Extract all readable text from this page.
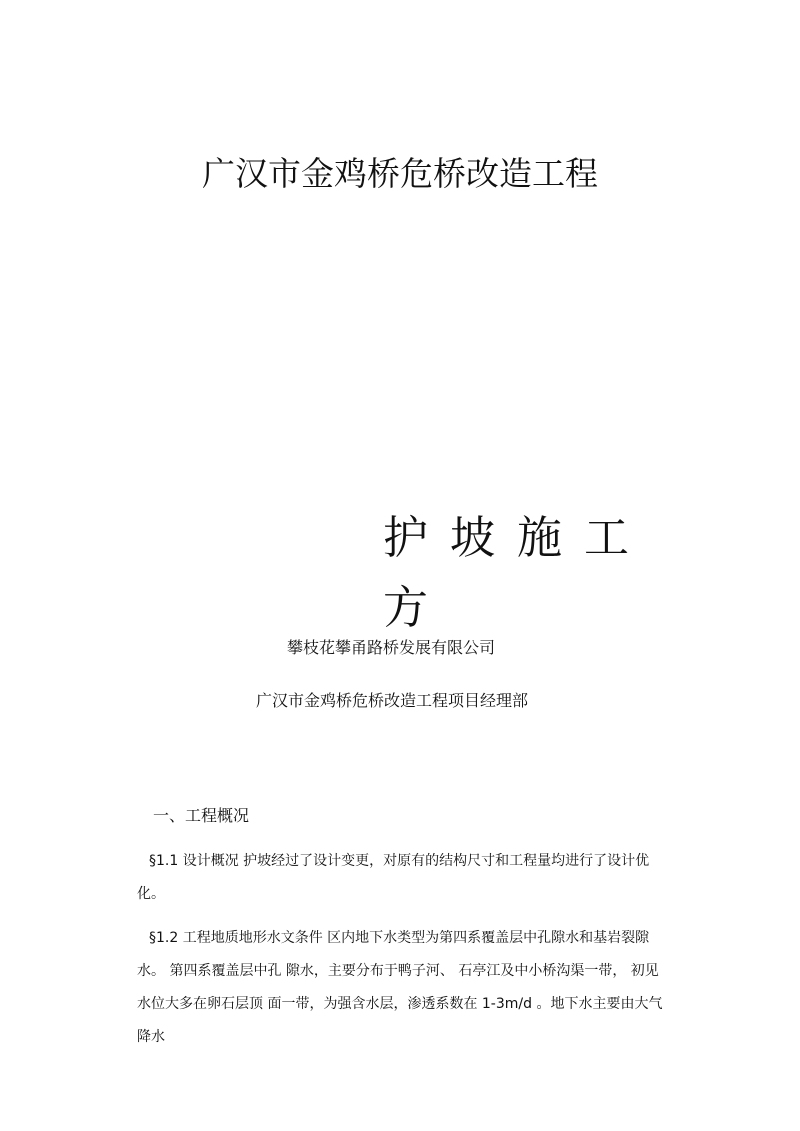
广汉市金鸡桥危桥改造工程
护坡施工方
攀枝花攀甬路桥发展有限公司
广汉市金鸡桥危桥改造工程项目经理部
一、工程概况
§1.1 设计概况 护坡经过了设计变更，对原有的结构尺寸和工程量均进行了设计优化。
§1.2 工程地质地形水文条件 区内地下水类型为第四系覆盖层中孔隙水和基岩裂隙水。 第四系覆盖层中孔 隙水，主要分布于鸭子河、 石亭江及中小桥沟渠一带， 初见水位大多在卵石层顶 面一带，为强含水层，渗透系数在 1-3m/d 。地下水主要由大气降水
